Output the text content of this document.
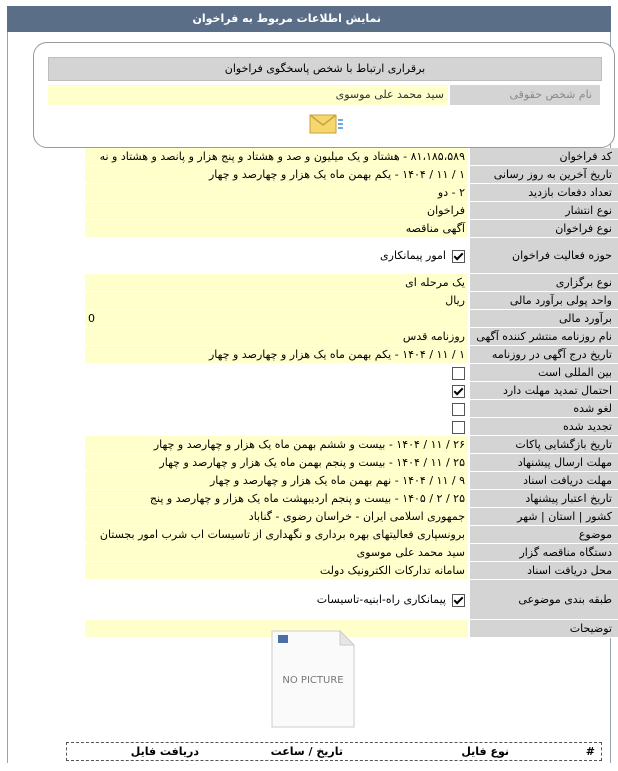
نمایش اطلاعات مربوط به فراخوان
برقراری ارتباط با شخص پاسخگوی فراخوان
نام شخص حقوقی
سید محمد علی موسوی
کد فراخوان
۸۱،۱۸۵،۵۸۹ - هشتاد و یک میلیون و صد و هشتاد و پنج هزار و پانصد و هشتاد و نه
تاریخ آخرین به روز رسانی
۱ / ۱۱ / ۱۴۰۴ - یکم بهمن ماه یک هزار و چهارصد و چهار
تعداد دفعات بازدید
۲ - دو
نوع انتشار
فراخوان
نوع فراخوان
آگهی مناقصه
حوزه فعالیت فراخوان
امور پیمانکاری
نوع برگزاری
یک مرحله ای
واحد پولی برآورد مالی
ریال
برآورد مالی
0
نام روزنامه منتشر کننده آگهی
روزنامه قدس
تاریخ درج آگهی در روزنامه
۱ / ۱۱ / ۱۴۰۴ - یکم بهمن ماه یک هزار و چهارصد و چهار
بین المللی است
احتمال تمدید مهلت دارد
لغو شده
تجدید شده
تاریخ بازگشایی پاکات
۲۶ / ۱۱ / ۱۴۰۴ - بیست و ششم بهمن ماه یک هزار و چهارصد و چهار
مهلت ارسال پیشنهاد
۲۵ / ۱۱ / ۱۴۰۴ - بیست و پنجم بهمن ماه یک هزار و چهارصد و چهار
مهلت دریافت اسناد
۹ / ۱۱ / ۱۴۰۴ - نهم بهمن ماه یک هزار و چهارصد و چهار
تاریخ اعتبار پیشنهاد
۲۵ / ۲ / ۱۴۰۵ - بیست و پنجم اردیبهشت ماه یک هزار و چهارصد و پنج
کشور | استان | شهر
جمهوری اسلامی ایران - خراسان رضوی - گناباد
موضوع
برونسپاری فعالیتهای بهره برداری و نگهداری از تاسیسات اب شرب امور بجستان
دستگاه مناقصه گزار
سید محمد علی موسوی
محل دریافت اسناد
سامانه تدارکات الکترونیک دولت
طبقه بندی موضوعی
پیمانکاری راه-ابنیه-تاسیسات
توضیحات
NO PICTURE
#
نوع فایل
تاریخ / ساعت
دریافت فایل
